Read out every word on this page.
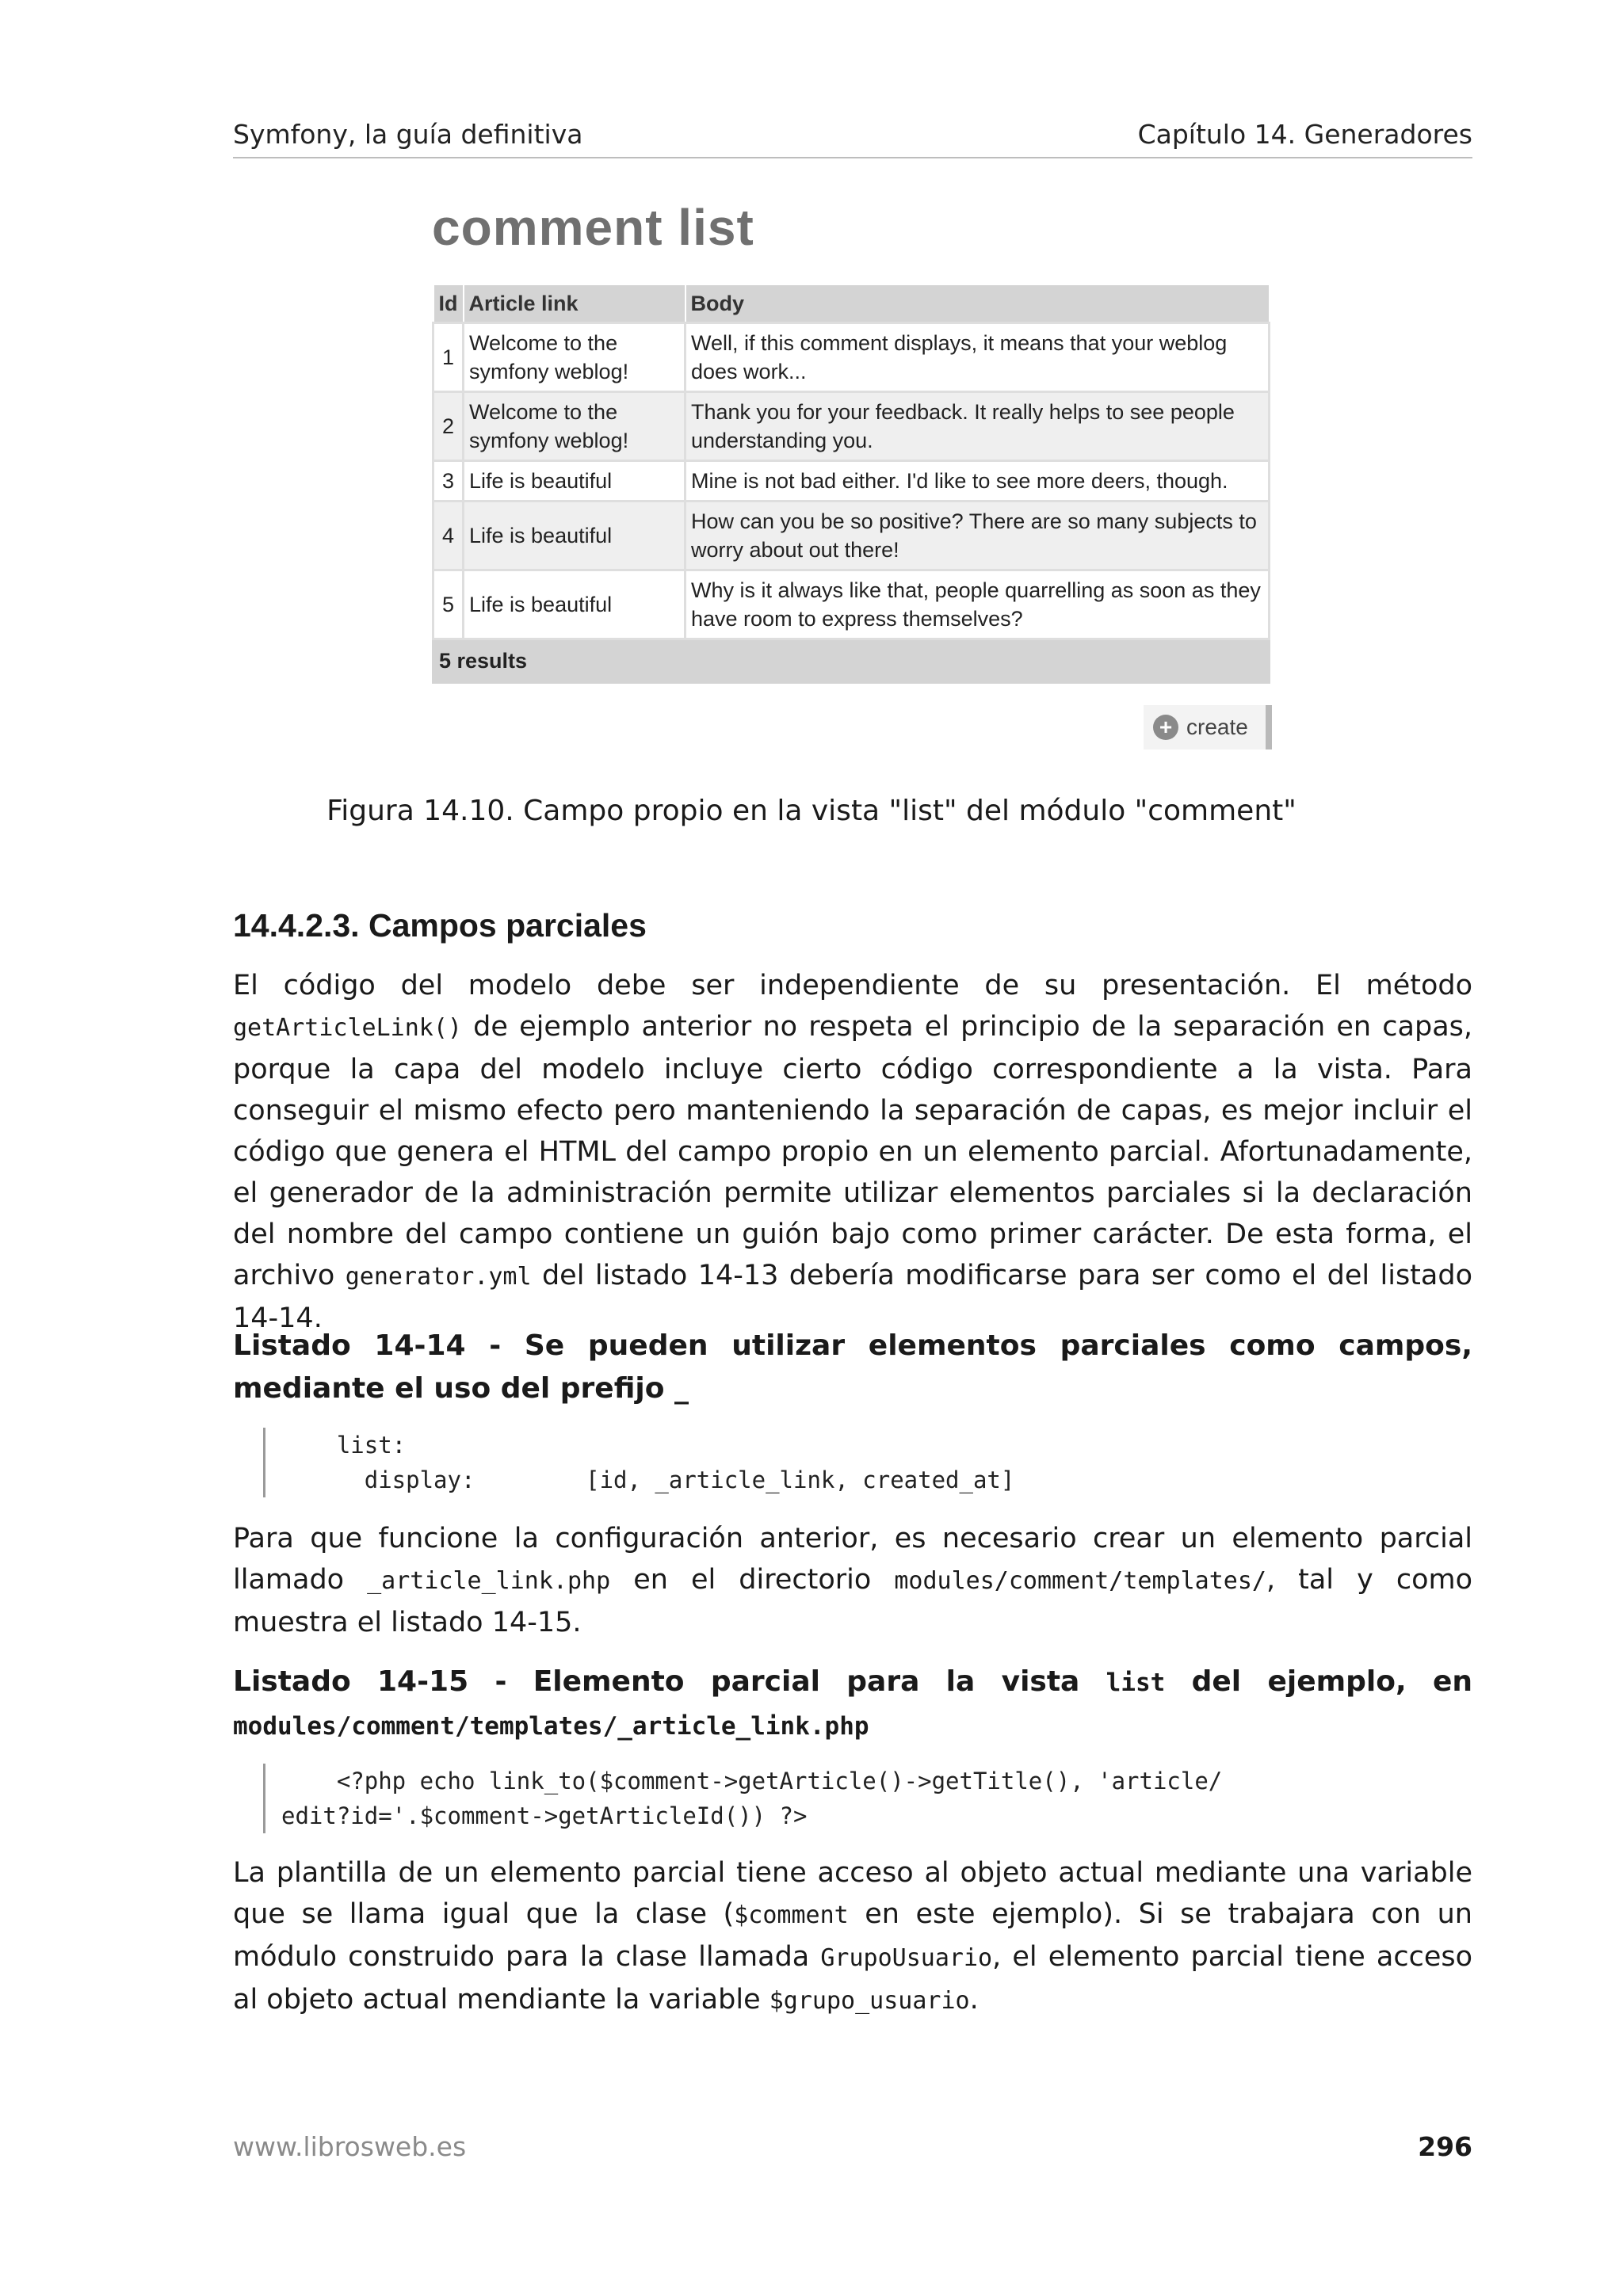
Symfony, la guía definitiva	Capítulo 14. Generadores
comment list
Id	Article link	Body
1	Welcome to the symfony weblog!	Well, if this comment displays, it means that your weblog does work...
2	Welcome to the symfony weblog!	Thank you for your feedback. It really helps to see people understanding you.
3	Life is beautiful	Mine is not bad either. I'd like to see more deers, though.
4	Life is beautiful	How can you be so positive? There are so many subjects to worry about out there!
5	Life is beautiful	Why is it always like that, people quarrelling as soon as they have room to express themselves?
5 results		
+ create
Figura 14.10. Campo propio en la vista "list" del módulo "comment"
14.4.2.3. Campos parciales

El código del modelo debe ser independiente de su presentación. El método getArticleLink() de ejemplo anterior no respeta el principio de la separación en capas, porque la capa del modelo incluye cierto código correspondiente a la vista. Para conseguir el mismo efecto pero manteniendo la separación de capas, es mejor incluir el código que genera el HTML del campo propio en un elemento parcial. Afortunadamente, el generador de la administración permite utilizar elementos parciales si la declaración del nombre del campo contiene un guión bajo como primer carácter. De esta forma, el archivo generator.yml del listado 14-13 debería modificarse para ser como el del listado 14-14.

Listado 14-14 - Se pueden utilizar elementos parciales como campos, mediante el uso del prefijo _

list:
display:        [id, _article_link, created_at]

Para que funcione la configuración anterior, es necesario crear un elemento parcial llamado _article_link.php en el directorio modules/comment/templates/, tal y como muestra el listado 14-15.

Listado 14-15 - Elemento parcial para la vista list del ejemplo, en modules/comment/templates/_article_link.php

<?php echo link_to($comment->getArticle()->getTitle(), 'article/
edit?id='.$comment->getArticleId()) ?>

La plantilla de un elemento parcial tiene acceso al objeto actual mediante una variable que se llama igual que la clase ($comment en este ejemplo). Si se trabajara con un módulo construido para la clase llamada GrupoUsuario, el elemento parcial tiene acceso al objeto actual mendiante la variable $grupo_usuario.

www.librosweb.es	296
